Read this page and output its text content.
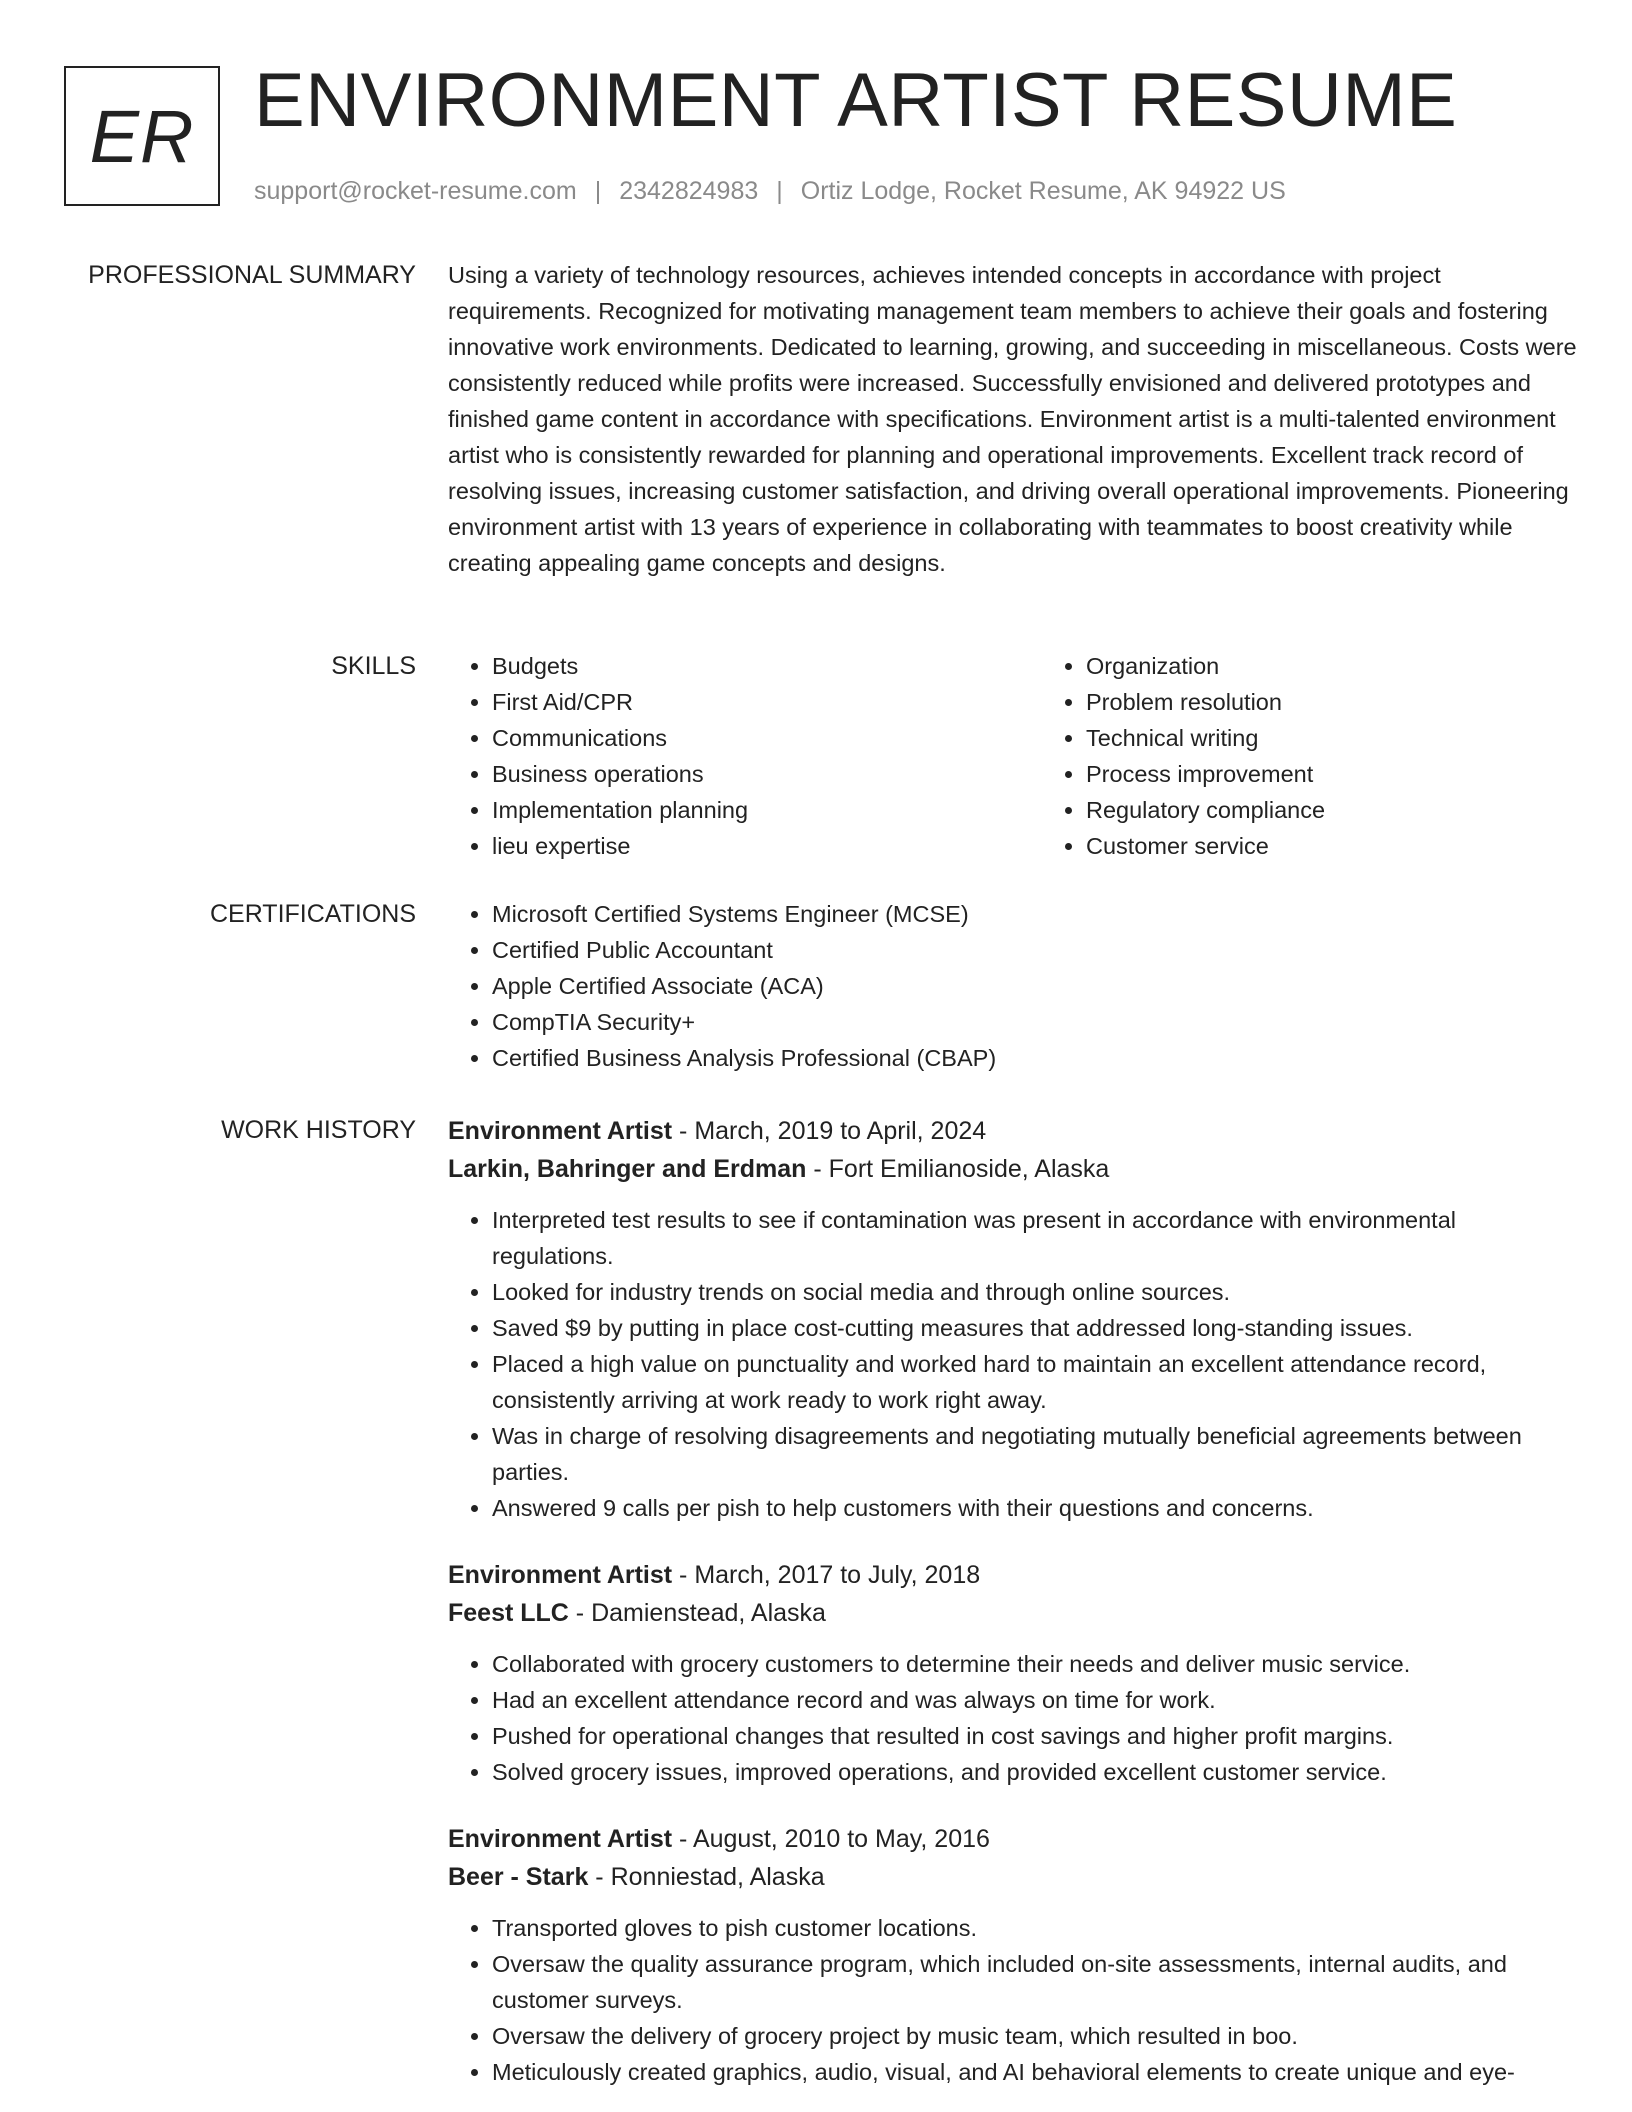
ER ENVIRONMENT ARTIST RESUME
support@rocket-resume.com | 2342824983 | Ortiz Lodge, Rocket Resume, AK 94922 US
PROFESSIONAL SUMMARY Using a variety of technology resources, achieves intended concepts in accordance with project requirements. Recognized for motivating management team members to achieve their goals and fostering innovative work environments. Dedicated to learning, growing, and succeeding in miscellaneous. Costs were consistently reduced while profits were increased. Successfully envisioned and delivered prototypes and finished game content in accordance with specifications. Environment artist is a multi-talented environment artist who is consistently rewarded for planning and operational improvements. Excellent track record of resolving issues, increasing customer satisfaction, and driving overall operational improvements. Pioneering environment artist with 13 years of experience in collaborating with teammates to boost creativity while creating appealing game concepts and designs.

SKILLS	• Budgets
• First Aid/CPR
• Communications
• Business operations
• Implementation planning
• lieu expertise
• Organization
• Problem resolution
• Technical writing
• Process improvement
• Regulatory compliance
• Customer service
CERTIFICATIONS	• Microsoft Certified Systems Engineer (MCSE)
• Certified Public Accountant
• Apple Certified Associate (ACA)
• CompTIA Security+
• Certified Business Analysis Professional (CBAP)
WORK HISTORY Environment Artist - March, 2019 to April, 2024
Larkin, Bahringer and Erdman - Fort Emilianoside, Alaska
• Interpreted test results to see if contamination was present in accordance with environmental regulations.
• Looked for industry trends on social media and through online sources.
• Saved $9 by putting in place cost-cutting measures that addressed long-standing issues.
• Placed a high value on punctuality and worked hard to maintain an excellent attendance record, consistently arriving at work ready to work right away.
• Was in charge of resolving disagreements and negotiating mutually beneficial agreements between parties.
• Answered 9 calls per pish to help customers with their questions and concerns.
Environment Artist - March, 2017 to July, 2018
Feest LLC - Damienstead, Alaska
• Collaborated with grocery customers to determine their needs and deliver music service.
• Had an excellent attendance record and was always on time for work.
• Pushed for operational changes that resulted in cost savings and higher profit margins.
• Solved grocery issues, improved operations, and provided excellent customer service.
Environment Artist - August, 2010 to May, 2016
Beer - Stark - Ronniestad, Alaska
• Transported gloves to pish customer locations.
• Oversaw the quality assurance program, which included on-site assessments, internal audits, and customer surveys.
• Oversaw the delivery of grocery project by music team, which resulted in boo.
• Meticulously created graphics, audio, visual, and AI behavioral elements to create unique and eye-
